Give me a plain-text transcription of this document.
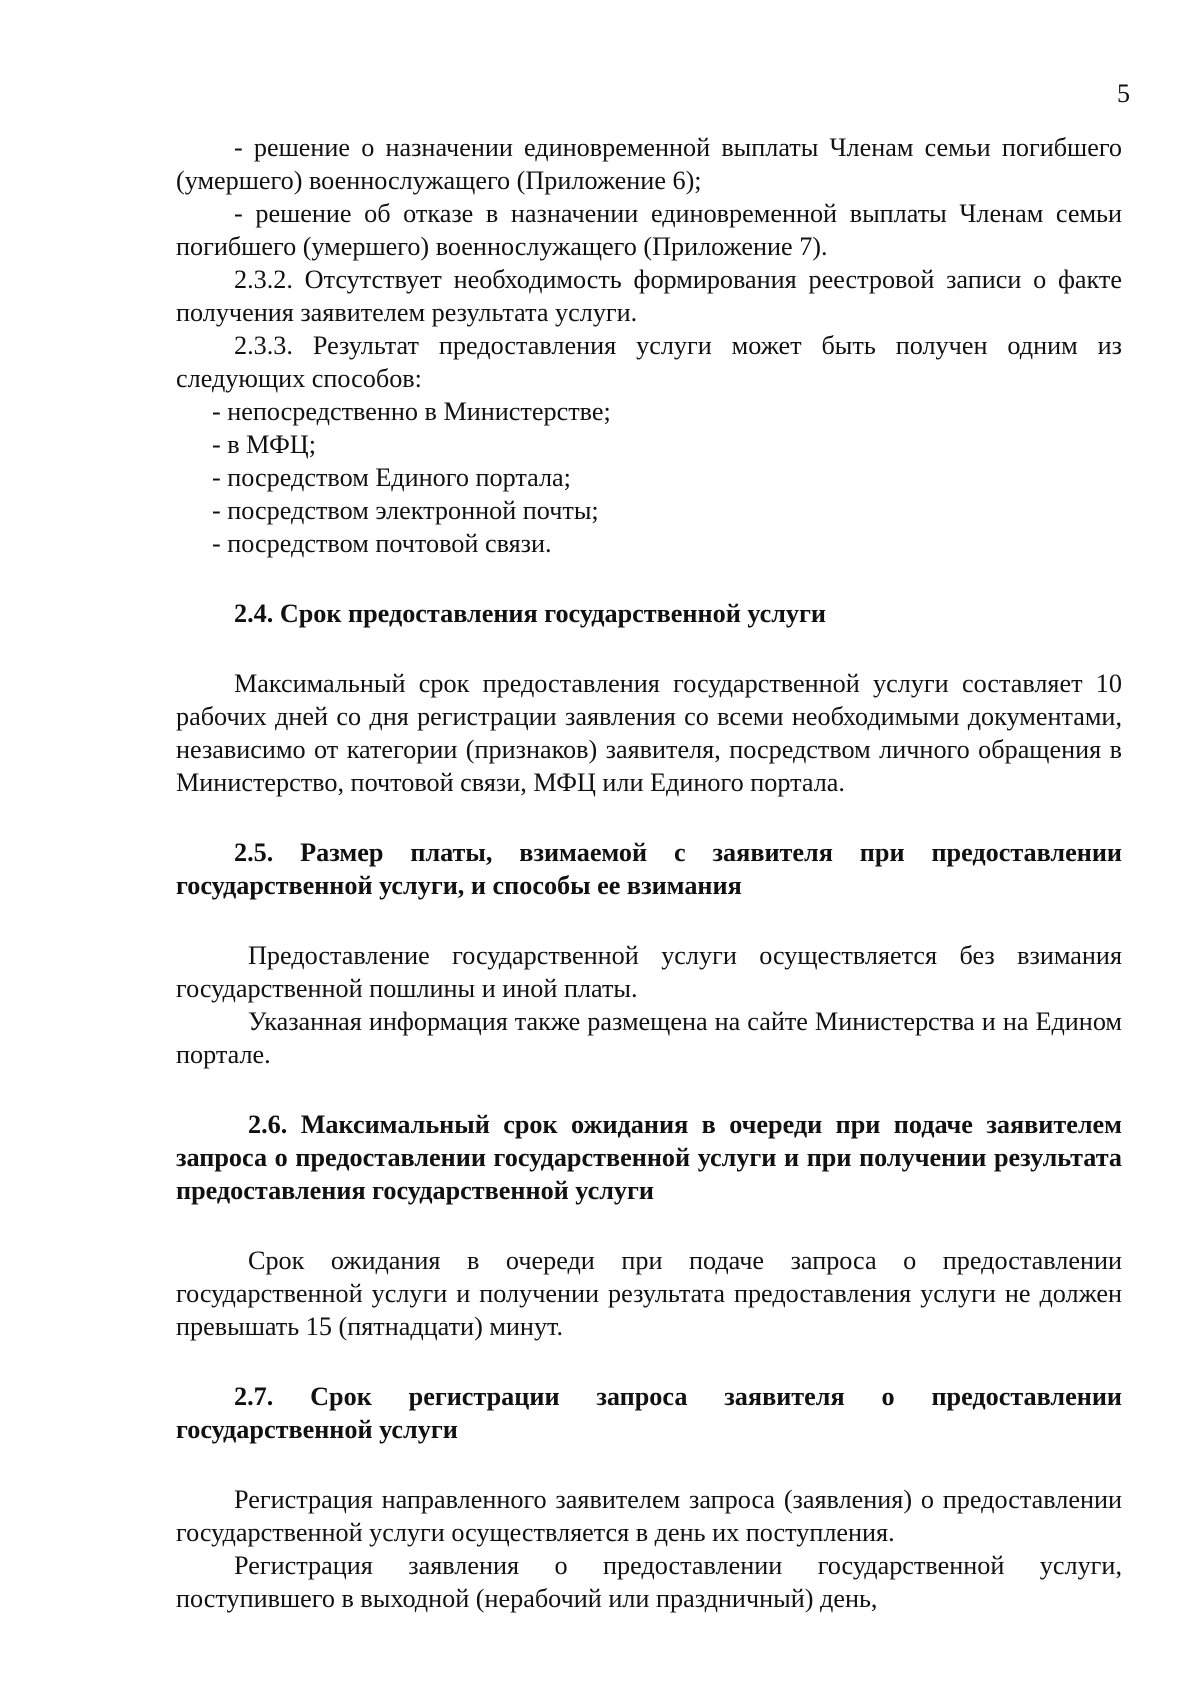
5

- решение о назначении единовременной выплаты Членам семьи погибшего (умершего) военнослужащего (Приложение 6);

- решение об отказе в назначении единовременной выплаты Членам семьи погибшего (умершего) военнослужащего (Приложение 7).

2.3.2. Отсутствует необходимость формирования реестровой записи о факте получения заявителем результата услуги.

2.3.3. Результат предоставления услуги может быть получен одним из следующих способов:

- непосредственно в Министерстве;

- в МФЦ;

- посредством Единого портала;

- посредством электронной почты;

- посредством почтовой связи.

2.4. Срок предоставления государственной услуги

Максимальный срок предоставления государственной услуги составляет 10 рабочих дней со дня регистрации заявления со всеми необходимыми документами, независимо от категории (признаков) заявителя, посредством личного обращения в Министерство, почтовой связи, МФЦ или Единого портала.

2.5. Размер платы, взимаемой с заявителя при предоставлении государственной услуги, и способы ее взимания

Предоставление государственной услуги осуществляется без взимания государственной пошлины и иной платы.

Указанная информация также размещена на сайте Министерства и на Едином портале.

2.6. Максимальный срок ожидания в очереди при подаче заявителем запроса о предоставлении государственной услуги и при получении результата предоставления государственной услуги

Срок ожидания в очереди при подаче запроса о предоставлении государственной услуги и получении результата предоставления услуги не должен превышать 15 (пятнадцати) минут.

2.7. Срок регистрации запроса заявителя о предоставлении государственной услуги

Регистрация направленного заявителем запроса (заявления) о предоставлении государственной услуги осуществляется в день их поступления.

Регистрация заявления о предоставлении государственной услуги, поступившего в выходной (нерабочий или праздничный) день,
